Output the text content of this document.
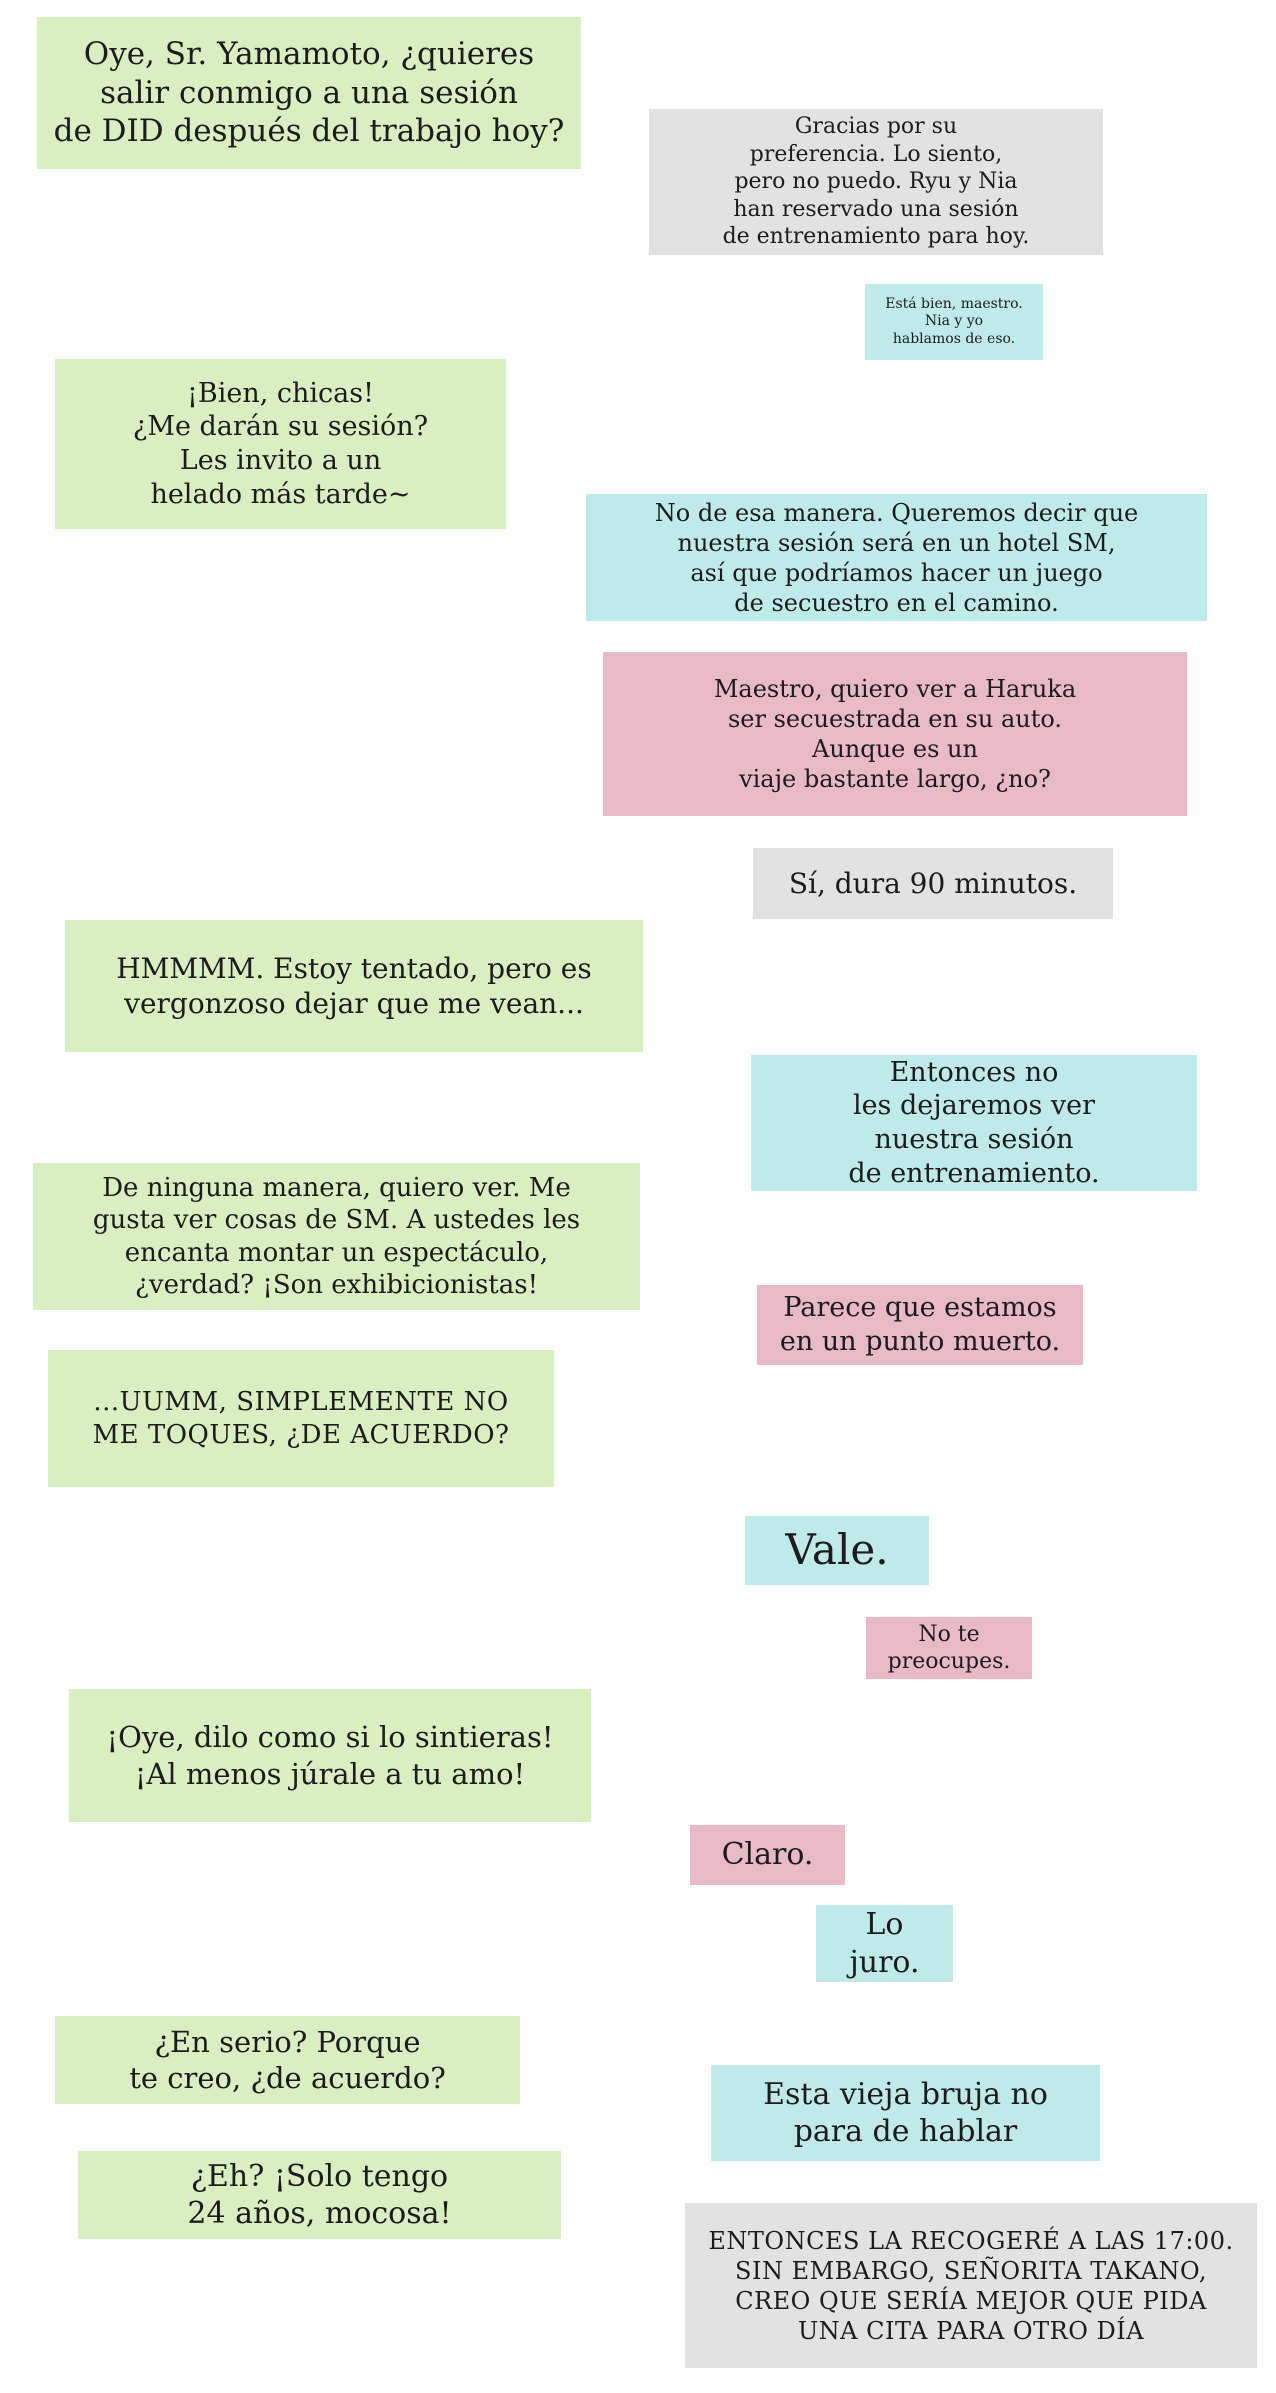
Oye, Sr. Yamamoto, ¿quieres
salir conmigo a una sesión
de DID después del trabajo hoy?	Gracias por su
preferencia. Lo siento,
pero no puedo. Ryu y Nia
han reservado una sesión
de entrenamiento para hoy.
Está bien, maestro.
Nia y yo
hablamos de eso.
¡Bien, chicas!
¿Me darán su sesión?
Les invito a un
helado más tarde~
No de esa manera. Queremos decir que
nuestra sesión será en un hotel SM,
así que podríamos hacer un juego
de secuestro en el camino.
Maestro, quiero ver a Haruka
ser secuestrada en su auto.
Aunque es un
viaje bastante largo, ¿no?
Sí, dura 90 minutos.
HMMMM. Estoy tentado, pero es
vergonzoso dejar que me vean...
Entonces no
les dejaremos ver
nuestra sesión
de entrenamiento.
De ninguna manera, quiero ver. Me
gusta ver cosas de SM. A ustedes les
encanta montar un espectáculo,
¿verdad? ¡Son exhibicionistas!
Parece que estamos
en un punto muerto.
...UUMM, SIMPLEMENTE NO
ME TOQUES, ¿DE ACUERDO?
Vale.
No te
preocupes.
¡Oye, dilo como si lo sintieras!
¡Al menos júrale a tu amo!
Claro.
Lo juro.
¿En serio? Porque
te creo, ¿de acuerdo?	Esta vieja bruja no
para de hablar
¿Eh? ¡Solo tengo
24 años, mocosa!
ENTONCES LA RECOGERÉ A LAS 17:00.
SIN EMBARGO, SEÑORITA TAKANO,
CREO QUE SERÍA MEJOR QUE PIDA
UNA CITA PARA OTRO DÍA
